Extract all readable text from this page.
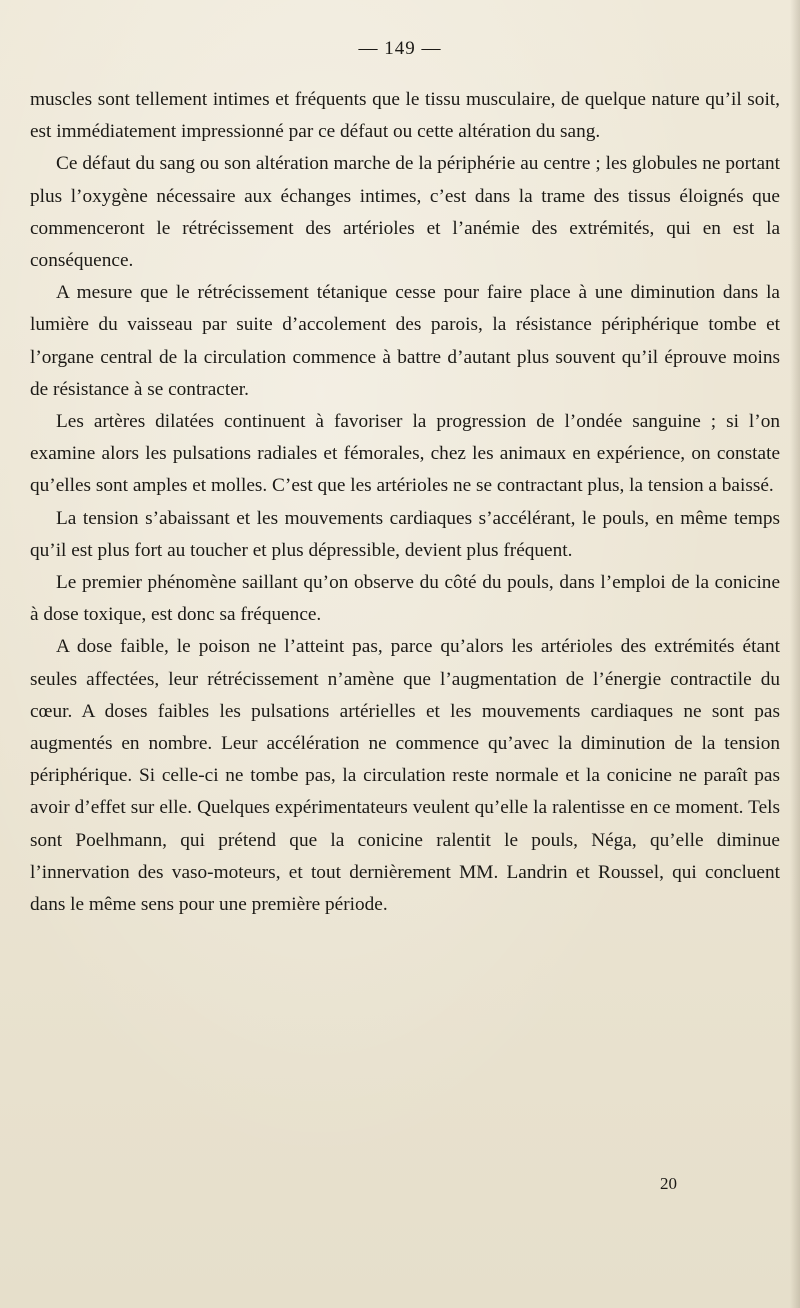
— 149 —

muscles sont tellement intimes et fréquents que le tissu musculaire, de quelque nature qu’il soit, est immédiatement impressionné par ce défaut ou cette altération du sang.

Ce défaut du sang ou son altération marche de la périphérie au centre ; les globules ne portant plus l’oxygène nécessaire aux échanges intimes, c’est dans la trame des tissus éloignés que commenceront le rétrécissement des artérioles et l’anémie des extrémités, qui en est la conséquence.

A mesure que le rétrécissement tétanique cesse pour faire place à une diminution dans la lumière du vaisseau par suite d’accolement des parois, la résistance périphérique tombe et l’organe central de la circulation commence à battre d’autant plus souvent qu’il éprouve moins de résistance à se contracter.

Les artères dilatées continuent à favoriser la progression de l’ondée sanguine ; si l’on examine alors les pulsations radiales et fémorales, chez les animaux en expérience, on constate qu’elles sont amples et molles. C’est que les artérioles ne se contractant plus, la tension a baissé.

La tension s’abaissant et les mouvements cardiaques s’accélérant, le pouls, en même temps qu’il est plus fort au toucher et plus dépressible, devient plus fréquent.

Le premier phénomène saillant qu’on observe du côté du pouls, dans l’emploi de la conicine à dose toxique, est donc sa fréquence.

A dose faible, le poison ne l’atteint pas, parce qu’alors les artérioles des extrémités étant seules affectées, leur rétrécissement n’amène que l’augmentation de l’énergie contractile du cœur. A doses faibles les pulsations artérielles et les mouvements cardiaques ne sont pas augmentés en nombre. Leur accélération ne commence qu’avec la diminution de la tension périphérique. Si celle-ci ne tombe pas, la circulation reste normale et la conicine ne paraît pas avoir d’effet sur elle. Quelques expérimentateurs veulent qu’elle la ralentisse en ce moment. Tels sont Poelhmann, qui prétend que la conicine ralentit le pouls, Néga, qu’elle diminue l’innervation des vaso-moteurs, et tout dernièrement MM. Landrin et Roussel, qui concluent dans le même sens pour une première période.

20
